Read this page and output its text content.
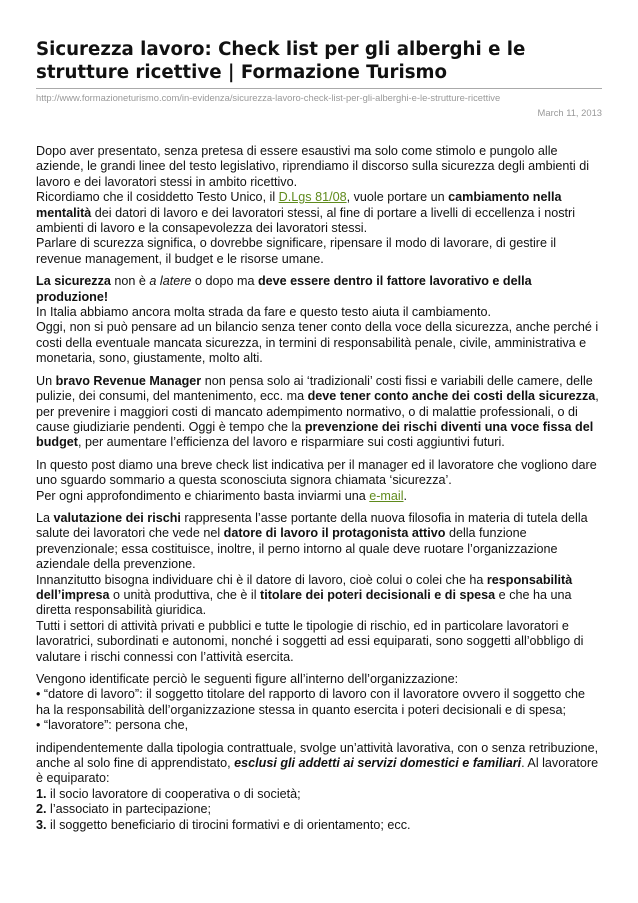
Sicurezza lavoro: Check list per gli alberghi e le strutture ricettive | Formazione Turismo
http://www.formazioneturismo.com/in-evidenza/sicurezza-lavoro-check-list-per-gli-alberghi-e-le-strutture-ricettive
March 11, 2013

Dopo aver presentato, senza pretesa di essere esaustivi ma solo come stimolo e pungolo alle aziende, le grandi linee del testo legislativo, riprendiamo il discorso sulla sicurezza degli ambienti di lavoro e dei lavoratori stessi in ambito ricettivo.
Ricordiamo che il cosiddetto Testo Unico, il D.Lgs 81/08, vuole portare un cambiamento nella mentalità dei datori di lavoro e dei lavoratori stessi, al fine di portare a livelli di eccellenza i nostri ambienti di lavoro e la consapevolezza dei lavoratori stessi.
Parlare di scurezza significa, o dovrebbe significare, ripensare il modo di lavorare, di gestire il revenue management, il budget e le risorse umane.

La sicurezza non è a latere o dopo ma deve essere dentro il fattore lavorativo e della produzione!
In Italia abbiamo ancora molta strada da fare e questo testo aiuta il cambiamento.
Oggi, non si può pensare ad un bilancio senza tener conto della voce della sicurezza, anche perché i costi della eventuale mancata sicurezza, in termini di responsabilità penale, civile, amministrativa e monetaria, sono, giustamente, molto alti.

Un bravo Revenue Manager non pensa solo ai ‘tradizionali’ costi fissi e variabili delle camere, delle pulizie, dei consumi, del mantenimento, ecc. ma deve tener conto anche dei costi della sicurezza, per prevenire i maggiori costi di mancato adempimento normativo, o di malattie professionali, o di cause giudiziarie pendenti. Oggi è tempo che la prevenzione dei rischi diventi una voce fissa del budget, per aumentare l’efficienza del lavoro e risparmiare sui costi aggiuntivi futuri.

In questo post diamo una breve check list indicativa per il manager ed il lavoratore che vogliono dare uno sguardo sommario a questa sconosciuta signora chiamata ‘sicurezza’.
Per ogni approfondimento e chiarimento basta inviarmi una e-mail.

La valutazione dei rischi rappresenta l’asse portante della nuova filosofia in materia di tutela della salute dei lavoratori che vede nel datore di lavoro il protagonista attivo della funzione prevenzionale; essa costituisce, inoltre, il perno intorno al quale deve ruotare l’organizzazione aziendale della prevenzione.
Innanzitutto bisogna individuare chi è il datore di lavoro, cioè colui o colei che ha responsabilità dell’impresa o unità produttiva, che è il titolare dei poteri decisionali e di spesa e che ha una diretta responsabilità giuridica.
Tutti i settori di attività privati e pubblici e tutte le tipologie di rischio, ed in particolare lavoratori e lavoratrici, subordinati e autonomi, nonché i soggetti ad essi equiparati, sono soggetti all’obbligo di valutare i rischi connessi con l’attività esercita.

Vengono identificate perciò le seguenti figure all’interno dell’organizzazione:
• “datore di lavoro”: il soggetto titolare del rapporto di lavoro con il lavoratore ovvero il soggetto che ha la responsabilità dell’organizzazione stessa in quanto esercita i poteri decisionali e di spesa;
• “lavoratore”: persona che,

indipendentemente dalla tipologia contrattuale, svolge un’attività lavorativa, con o senza retribuzione, anche al solo fine di apprendistato, esclusi gli addetti ai servizi domestici e familiari. Al lavoratore è equiparato:
1. il socio lavoratore di cooperativa o di società;
2. l’associato in partecipazione;
3. il soggetto beneficiario di tirocini formativi e di orientamento; ecc.
